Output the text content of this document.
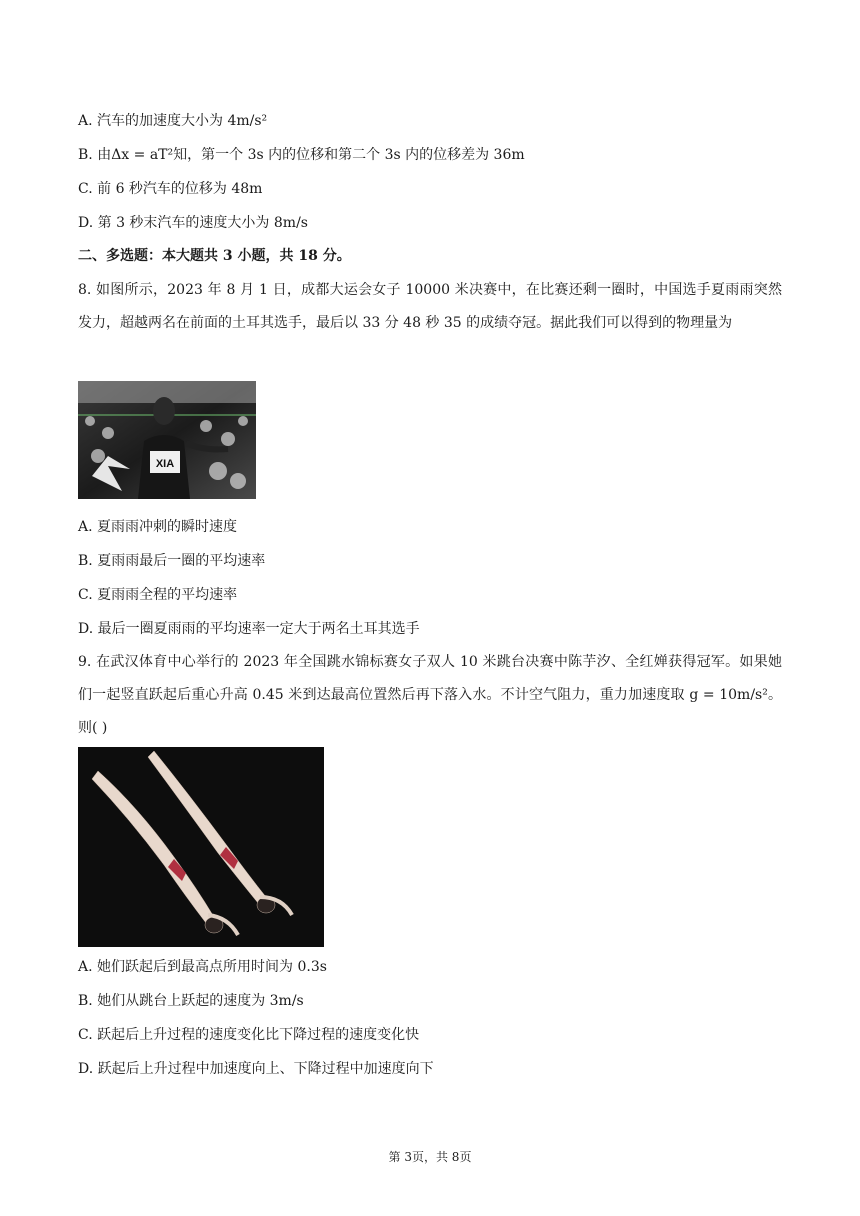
A. 汽车的加速度大小为 4m/s²
B. 由Δx = aT²知，第一个 3s 内的位移和第二个 3s 内的位移差为 36m
C. 前 6 秒汽车的位移为 48m
D. 第 3 秒末汽车的速度大小为 8m/s
二、多选题：本大题共 3 小题，共 18 分。
8. 如图所示，2023 年 8 月 1 日，成都大运会女子 10000 米决赛中，在比赛还剩一圈时，中国选手夏雨雨突然发力，超越两名在前面的土耳其选手，最后以 33 分 48 秒 35 的成绩夺冠。据此我们可以得到的物理量为
XIA
A. 夏雨雨冲刺的瞬时速度
B. 夏雨雨最后一圈的平均速率
C. 夏雨雨全程的平均速率
D. 最后一圈夏雨雨的平均速率一定大于两名土耳其选手
9. 在武汉体育中心举行的 2023 年全国跳水锦标赛女子双人 10 米跳台决赛中陈芋汐、全红婵获得冠军。如果她们一起竖直跃起后重心升高 0.45 米到达最高位置然后再下落入水。不计空气阻力，重力加速度取 g = 10m/s²。则( )
A. 她们跃起后到最高点所用时间为 0.3s
B. 她们从跳台上跃起的速度为 3m/s
C. 跃起后上升过程的速度变化比下降过程的速度变化快
D. 跃起后上升过程中加速度向上、下降过程中加速度向下
第 3页，共 8页
